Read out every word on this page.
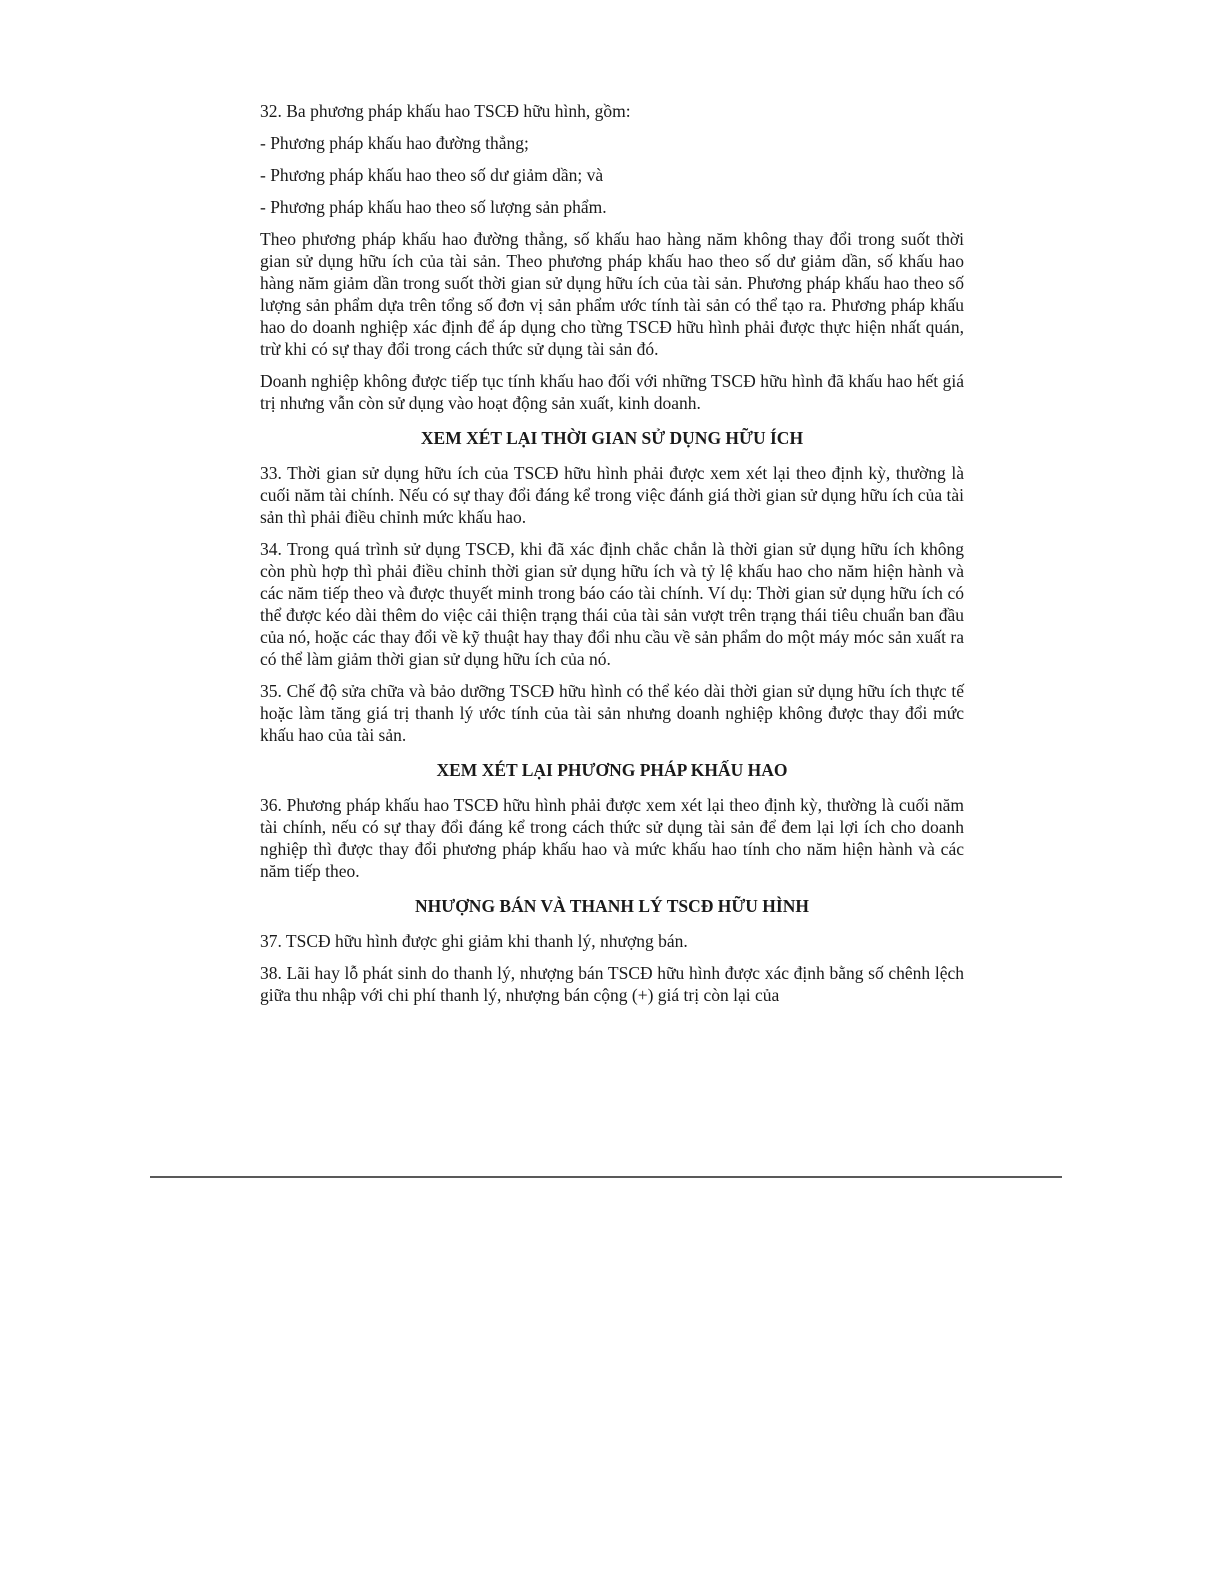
32. Ba phương pháp khấu hao TSCĐ hữu hình, gồm:

- Phương pháp khấu hao đường thẳng;

- Phương pháp khấu hao theo số dư giảm dần; và

- Phương pháp khấu hao theo số lượng sản phẩm.

Theo phương pháp khấu hao đường thẳng, số khấu hao hàng năm không thay đổi trong suốt thời gian sử dụng hữu ích của tài sản. Theo phương pháp khấu hao theo số dư giảm dần, số khấu hao hàng năm giảm dần trong suốt thời gian sử dụng hữu ích của tài sản. Phương pháp khấu hao theo số lượng sản phẩm dựa trên tổng số đơn vị sản phẩm ước tính tài sản có thể tạo ra. Phương pháp khấu hao do doanh nghiệp xác định để áp dụng cho từng TSCĐ hữu hình phải được thực hiện nhất quán, trừ khi có sự thay đổi trong cách thức sử dụng tài sản đó.

Doanh nghiệp không được tiếp tục tính khấu hao đối với những TSCĐ hữu hình đã khấu hao hết giá trị nhưng vẫn còn sử dụng vào hoạt động sản xuất, kinh doanh.

XEM XÉT LẠI THỜI GIAN SỬ DỤNG HỮU ÍCH

33. Thời gian sử dụng hữu ích của TSCĐ hữu hình phải được xem xét lại theo định kỳ, thường là cuối năm tài chính. Nếu có sự thay đổi đáng kể trong việc đánh giá thời gian sử dụng hữu ích của tài sản thì phải điều chỉnh mức khấu hao.

34. Trong quá trình sử dụng TSCĐ, khi đã xác định chắc chắn là thời gian sử dụng hữu ích không còn phù hợp thì phải điều chỉnh thời gian sử dụng hữu ích và tỷ lệ khấu hao cho năm hiện hành và các năm tiếp theo và được thuyết minh trong báo cáo tài chính. Ví dụ: Thời gian sử dụng hữu ích có thể được kéo dài thêm do việc cải thiện trạng thái của tài sản vượt trên trạng thái tiêu chuẩn ban đầu của nó, hoặc các thay đổi về kỹ thuật hay thay đổi nhu cầu về sản phẩm do một máy móc sản xuất ra có thể làm giảm thời gian sử dụng hữu ích của nó.

35. Chế độ sửa chữa và bảo dưỡng TSCĐ hữu hình có thể kéo dài thời gian sử dụng hữu ích thực tế hoặc làm tăng giá trị thanh lý ước tính của tài sản nhưng doanh nghiệp không được thay đổi mức khấu hao của tài sản.

XEM XÉT LẠI PHƯƠNG PHÁP KHẤU HAO

36. Phương pháp khấu hao TSCĐ hữu hình phải được xem xét lại theo định kỳ, thường là cuối năm tài chính, nếu có sự thay đổi đáng kể trong cách thức sử dụng tài sản để đem lại lợi ích cho doanh nghiệp thì được thay đổi phương pháp khấu hao và mức khấu hao tính cho năm hiện hành và các năm tiếp theo.

NHƯỢNG BÁN VÀ THANH LÝ TSCĐ HỮU HÌNH

37. TSCĐ hữu hình được ghi giảm khi thanh lý, nhượng bán.

38. Lãi hay lỗ phát sinh do thanh lý, nhượng bán TSCĐ hữu hình được xác định bằng số chênh lệch giữa thu nhập với chi phí thanh lý, nhượng bán cộng (+) giá trị còn lại của
